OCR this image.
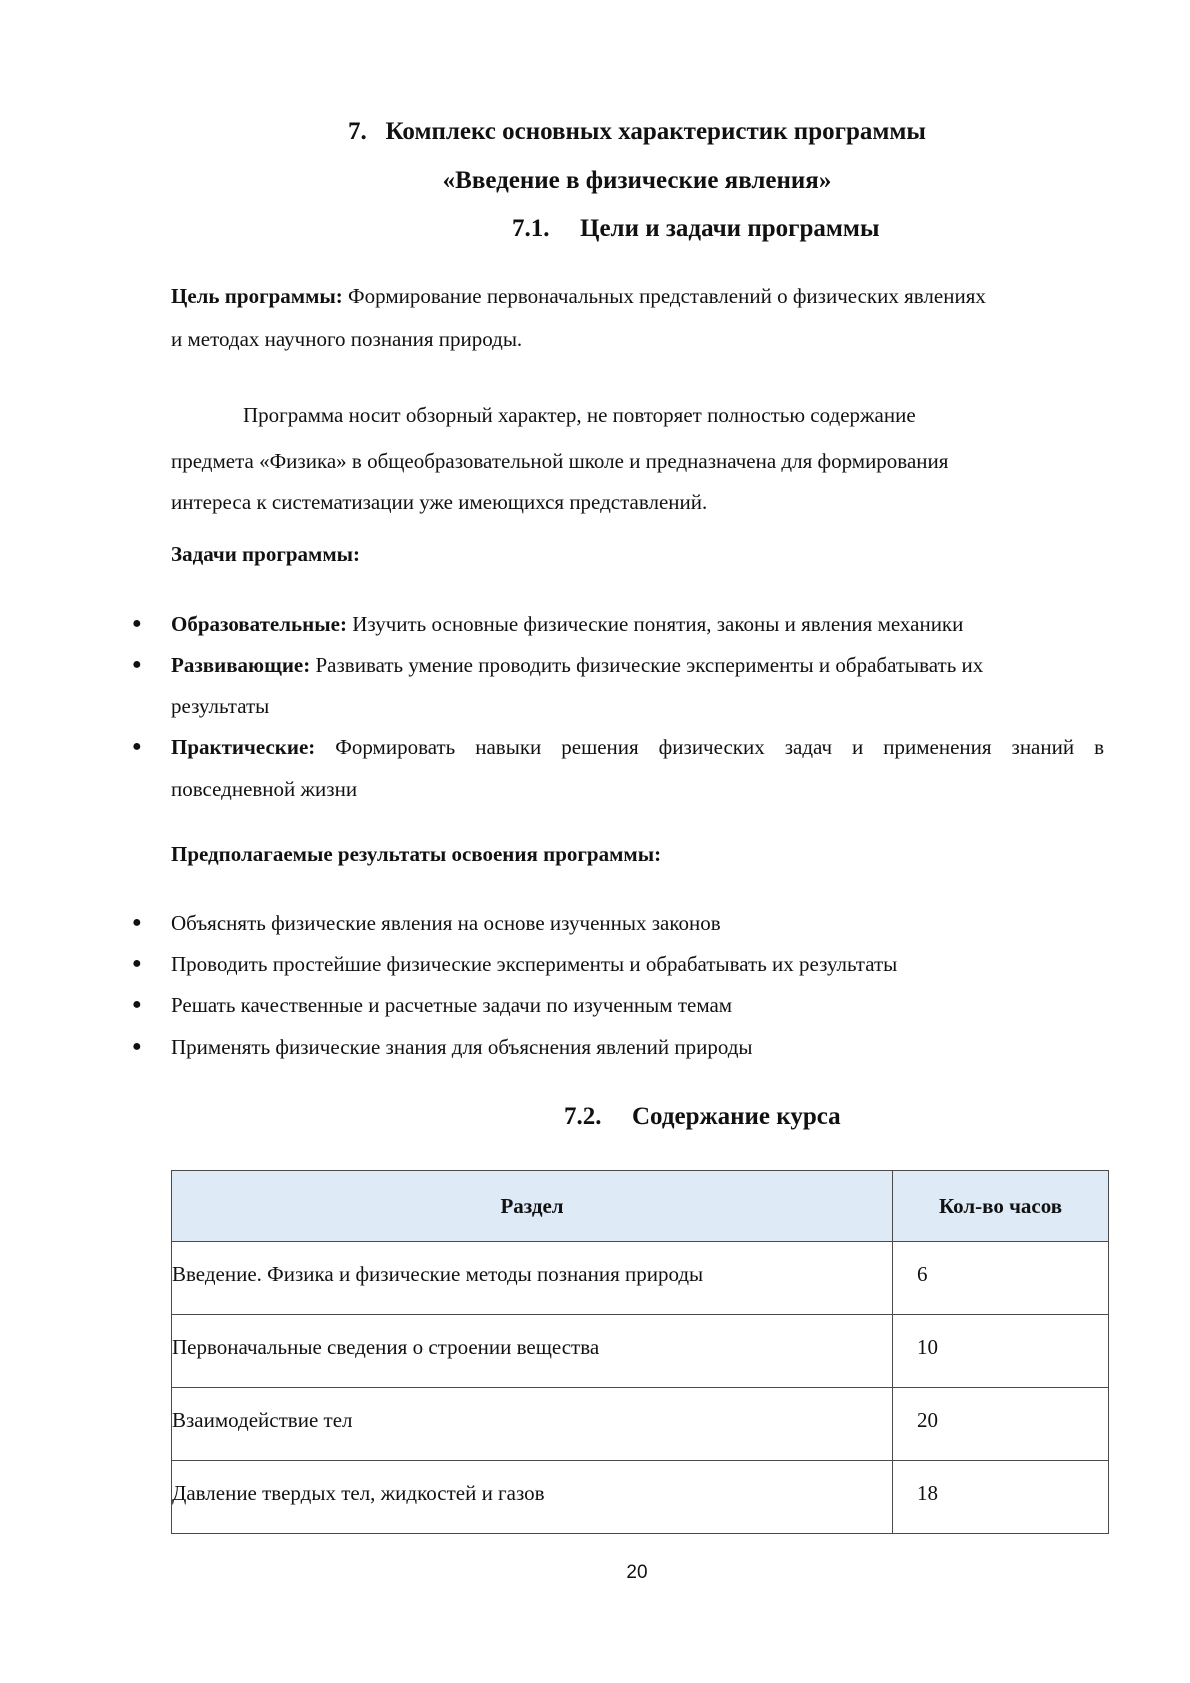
7. Комплекс основных характеристик программы
«Введение в физические явления»
7.1. Цели и задачи программы
Цель программы: Формирование первоначальных представлений о физических явлениях
и методах научного познания природы.
Программа носит обзорный характер, не повторяет полностью содержание
предмета «Физика» в общеобразовательной школе и предназначена для формирования
интереса к систематизации уже имеющихся представлений.
Задачи программы:
● Образовательные: Изучить основные физические понятия, законы и явления механики
● Развивающие: Развивать умение проводить физические эксперименты и обрабатывать их
результаты
● Практические: Формировать навыки решения физических задач и применения знаний в
повседневной жизни
Предполагаемые результаты освоения программы:
● Объяснять физические явления на основе изученных законов
● Проводить простейшие физические эксперименты и обрабатывать их результаты
● Решать качественные и расчетные задачи по изученным темам
● Применять физические знания для объяснения явлений природы
7.2. Содержание курса
Раздел	Кол-во часов
Введение. Физика и физические методы познания природы	6
Первоначальные сведения о строении вещества	10
Взаимодействие тел	20
Давление твердых тел, жидкостей и газов	18
20
